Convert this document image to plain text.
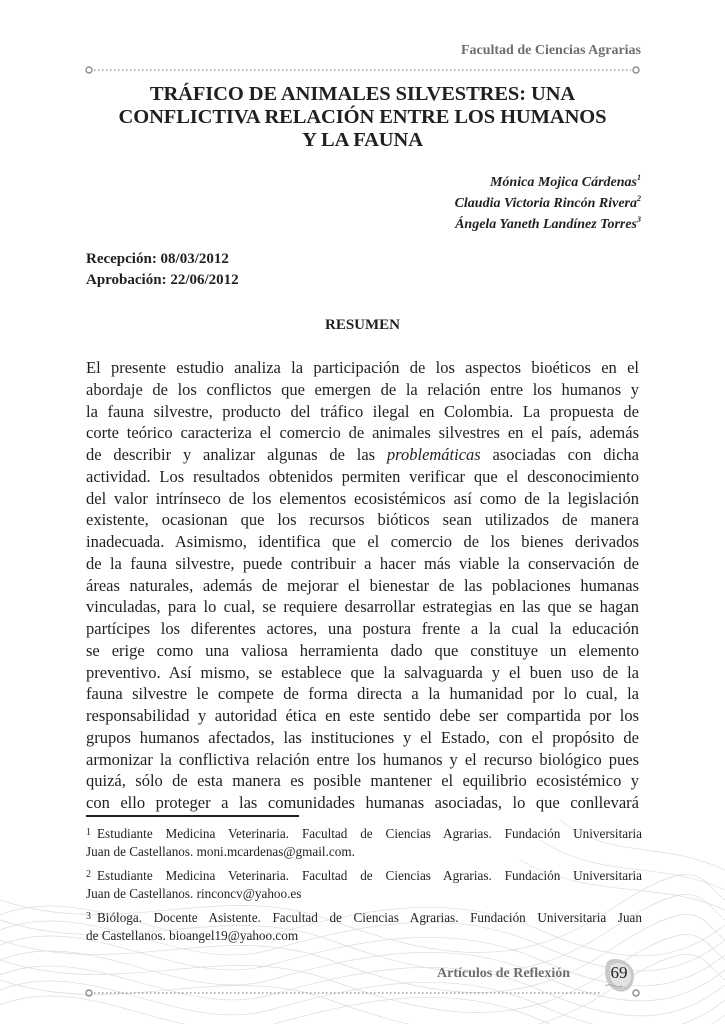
Facultad de Ciencias Agrarias
TRÁFICO DE ANIMALES SILVESTRES: UNA
CONFLICTIVA RELACIÓN ENTRE LOS HUMANOS
Y LA FAUNA
Mónica Mojica Cárdenas$^1$
Claudia Victoria Rincón Rivera$^2$
Ángela Yaneth Landínez Torres$^3$
Recepción: 08/03/2012
Aprobación: 22/06/2012
RESUMEN
El presente estudio analiza la participación de los aspectos bioéticos en el
abordaje de los conflictos que emergen de la relación entre los humanos y
la fauna silvestre, producto del tráfico ilegal en Colombia. La propuesta de
corte teórico caracteriza el comercio de animales silvestres en el país, además
de describir y analizar algunas de las problemáticas asociadas con dicha
actividad. Los resultados obtenidos permiten verificar que el desconocimiento
del valor intrínseco de los elementos ecosistémicos así como de la legislación
existente, ocasionan que los recursos bióticos sean utilizados de manera
inadecuada. Asimismo, identifica que el comercio de los bienes derivados
de la fauna silvestre, puede contribuir a hacer más viable la conservación de
áreas naturales, además de mejorar el bienestar de las poblaciones humanas
vinculadas, para lo cual, se requiere desarrollar estrategias en las que se hagan
partícipes los diferentes actores, una postura frente a la cual la educación
se erige como una valiosa herramienta dado que constituye un elemento
preventivo. Así mismo, se establece que la salvaguarda y el buen uso de la
fauna silvestre le compete de forma directa a la humanidad por lo cual, la
responsabilidad y autoridad ética en este sentido debe ser compartida por los
grupos humanos afectados, las instituciones y el Estado, con el propósito de
armonizar la conflictiva relación entre los humanos y el recurso biológico pues
quizá, sólo de esta manera es posible mantener el equilibrio ecosistémico y
con ello proteger a las comunidades humanas asociadas, lo que conllevará
$^1$ Estudiante Medicina Veterinaria. Facultad de Ciencias Agrarias. Fundación Universitaria
Juan de Castellanos. moni.mcardenas@gmail.com.
$^2$ Estudiante Medicina Veterinaria. Facultad de Ciencias Agrarias. Fundación Universitaria
Juan de Castellanos. rinconcv@yahoo.es
$^3$ Bióloga. Docente Asistente. Facultad de Ciencias Agrarias. Fundación Universitaria Juan
de Castellanos. bioangel19@yahoo.com
Artículos de Reflexión	69
